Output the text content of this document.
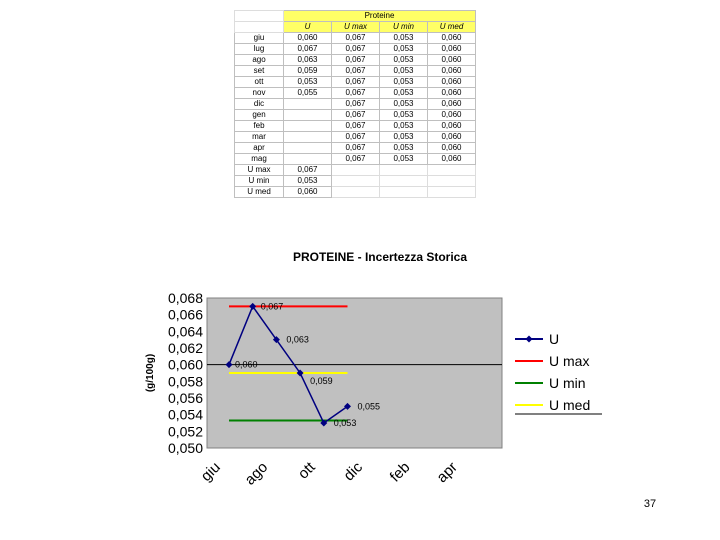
	Proteine			
	U	U max	U min	U med
giu	0,060	0,067	0,053	0,060
lug	0,067	0,067	0,053	0,060
ago	0,063	0,067	0,053	0,060
set	0,059	0,067	0,053	0,060
ott	0,053	0,067	0,053	0,060
nov	0,055	0,067	0,053	0,060
dic		0,067	0,053	0,060
gen		0,067	0,053	0,060
feb		0,067	0,053	0,060
mar		0,067	0,053	0,060
apr		0,067	0,053	0,060
mag		0,067	0,053	0,060
U max	0,067			
U min	0,053			
U med	0,060			
PROTEINE - Incertezza Storica
0,050
0,052
0,054
0,056
0,058
0,060
0,062
0,064
0,066
0,068
(g/100g)
giu ago ott dic feb apr
0,060
0,067
0,063
0,059
0,053
0,055
U
U max
U min
U med
37
